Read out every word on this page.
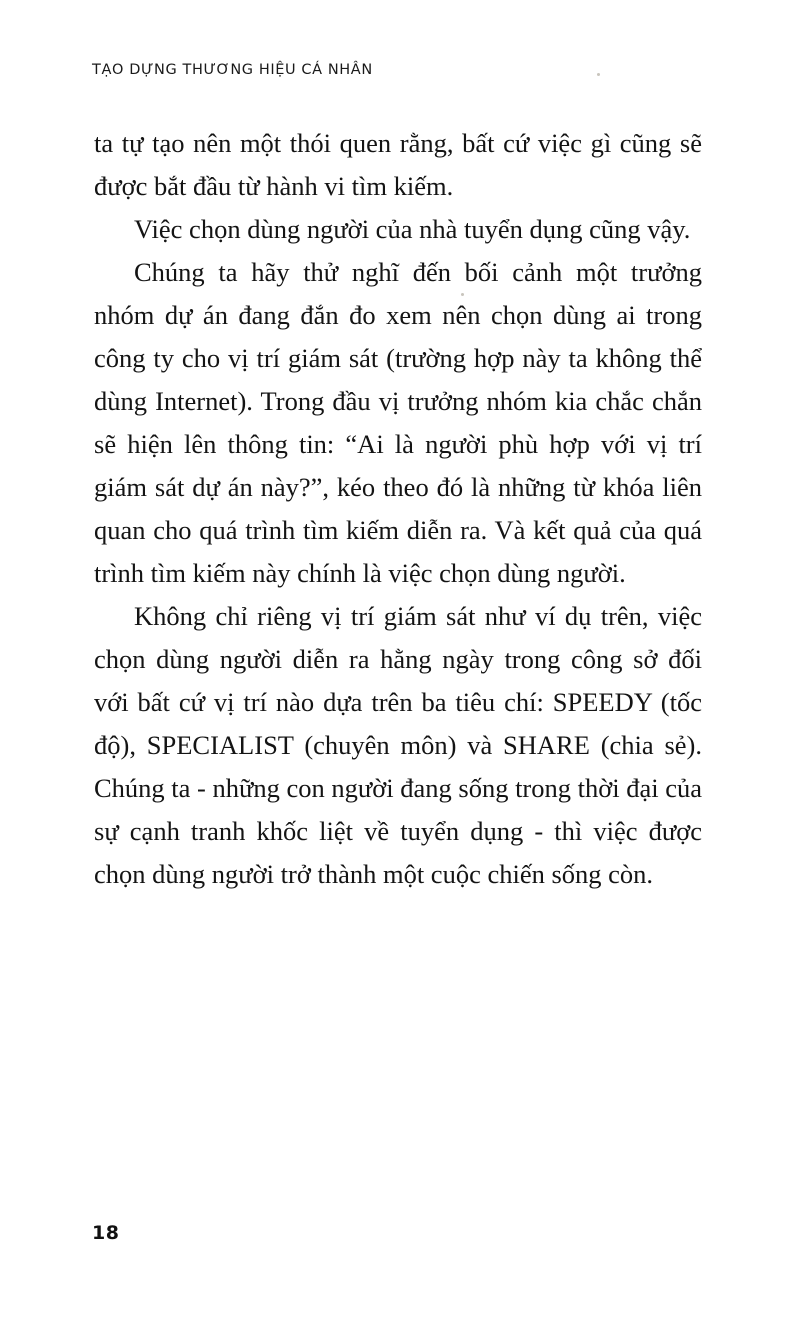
TẠO DỰNG THƯƠNG HIỆU CÁ NHÂN

ta tự tạo nên một thói quen rằng, bất cứ việc gì cũng sẽ được bắt đầu từ hành vi tìm kiếm.

Việc chọn dùng người của nhà tuyển dụng cũng vậy.

Chúng ta hãy thử nghĩ đến bối cảnh một trưởng nhóm dự án đang đắn đo xem nên chọn dùng ai trong công ty cho vị trí giám sát (trường hợp này ta không thể dùng Internet). Trong đầu vị trưởng nhóm kia chắc chắn sẽ hiện lên thông tin: “Ai là người phù hợp với vị trí giám sát dự án này?”, kéo theo đó là những từ khóa liên quan cho quá trình tìm kiếm diễn ra. Và kết quả của quá trình tìm kiếm này chính là việc chọn dùng người.

Không chỉ riêng vị trí giám sát như ví dụ trên, việc chọn dùng người diễn ra hằng ngày trong công sở đối với bất cứ vị trí nào dựa trên ba tiêu chí: SPEEDY (tốc độ), SPECIALIST (chuyên môn) và SHARE (chia sẻ). Chúng ta - những con người đang sống trong thời đại của sự cạnh tranh khốc liệt về tuyển dụng - thì việc được chọn dùng người trở thành một cuộc chiến sống còn.

18
